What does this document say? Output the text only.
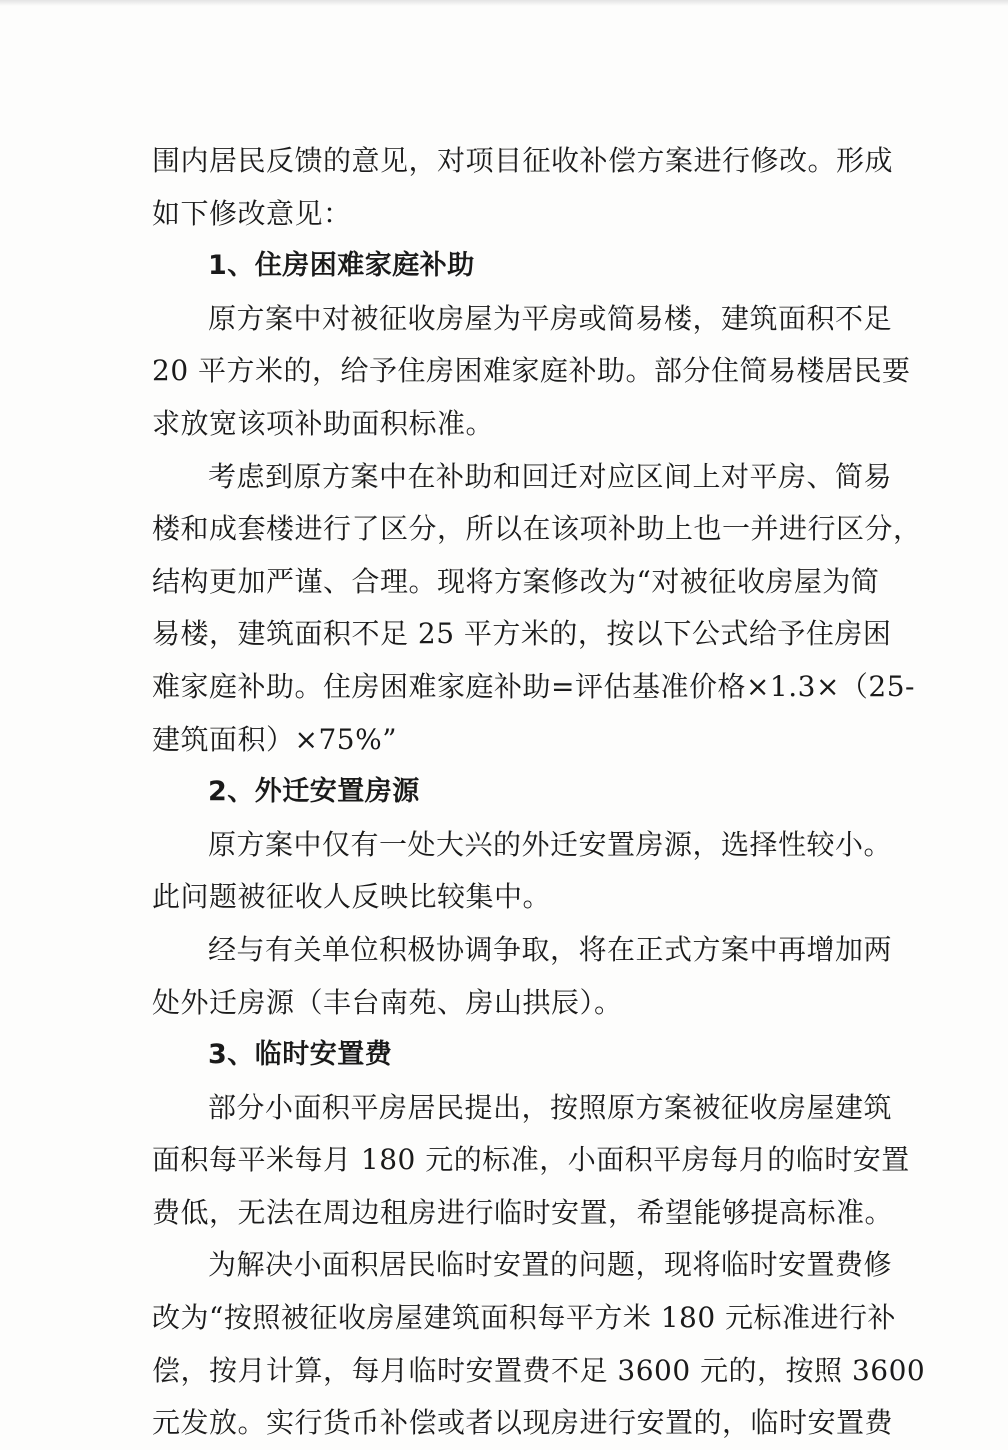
围内居民反馈的意见，对项目征收补偿方案进行修改。形成
如下修改意见：
1、住房困难家庭补助
原方案中对被征收房屋为平房或简易楼，建筑面积不足
20 平方米的，给予住房困难家庭补助。部分住简易楼居民要
求放宽该项补助面积标准。
考虑到原方案中在补助和回迁对应区间上对平房、简易
楼和成套楼进行了区分，所以在该项补助上也一并进行区分，
结构更加严谨、合理。现将方案修改为“对被征收房屋为简
易楼，建筑面积不足 25 平方米的，按以下公式给予住房困
难家庭补助。住房困难家庭补助=评估基准价格×1.3×（25-
建筑面积）×75%”
2、外迁安置房源
原方案中仅有一处大兴的外迁安置房源，选择性较小。
此问题被征收人反映比较集中。
经与有关单位积极协调争取，将在正式方案中再增加两
处外迁房源（丰台南苑、房山拱辰）。
3、临时安置费
部分小面积平房居民提出，按照原方案被征收房屋建筑
面积每平米每月 180 元的标准，小面积平房每月的临时安置
费低，无法在周边租房进行临时安置，希望能够提高标准。
为解决小面积居民临时安置的问题，现将临时安置费修
改为“按照被征收房屋建筑面积每平方米 180 元标准进行补
偿，按月计算，每月临时安置费不足 3600 元的，按照 3600
元发放。实行货币补偿或者以现房进行安置的，临时安置费
